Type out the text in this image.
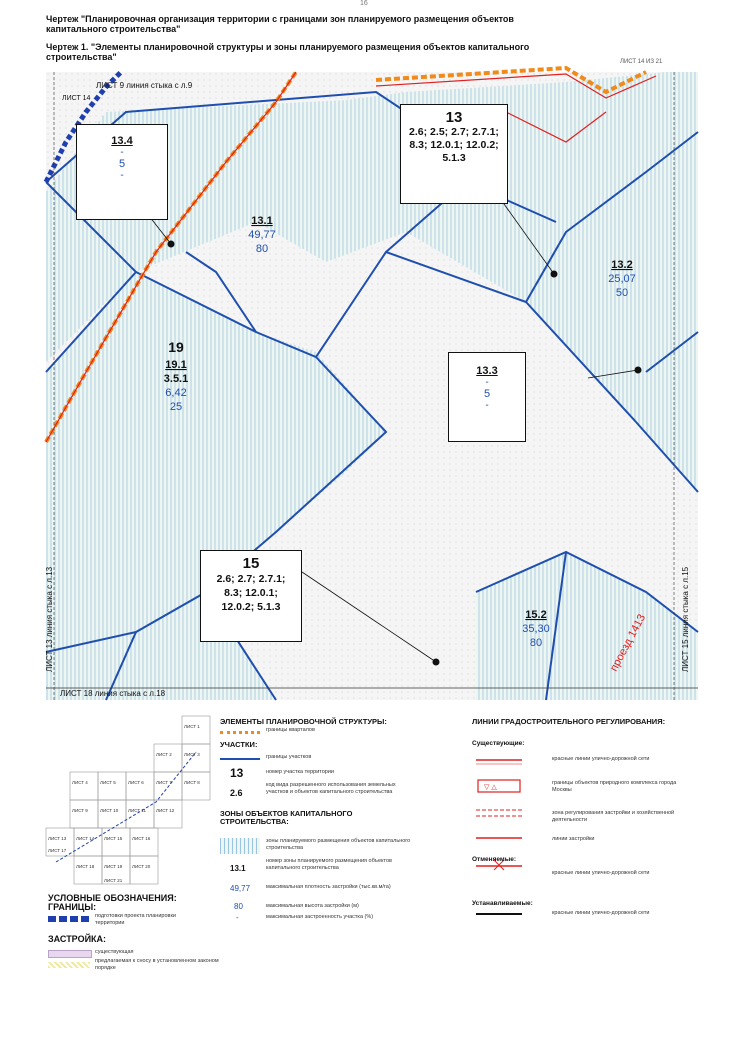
16
Чертеж "Планировочная организация территории с границами зон планируемого размещения объектов капитального строительства"
Чертеж 1. "Элементы планировочной структуры и зоны планируемого размещения объектов капитального строительства"	ЛИСТ 14 ИЗ 21
ЛИСТ 9 линия стыка с л.9
ЛИСТ 14
ЛИСТ 18 линия стыка с л.18
ЛИСТ 13 линия стыка с л.13	ЛИСТ 15 линия стыка с л.15
проезд 1413
13.1
49,77
80
13.2
25,07
50
19
19.1
3.5.1
6,42
25
15.2
35,30
80
13.4
-
5
-
13
2.6; 2.5; 2.7; 2.7.1; 8.3; 12.0.1; 12.0.2; 5.1.3
13.3
-
5
-
15
2.6; 2.7; 2.7.1; 8.3; 12.0.1; 12.0.2; 5.1.3
ЛИСТ 1
ЛИСТ 2	ЛИСТ 3
ЛИСТ 4	ЛИСТ 5	ЛИСТ 6	ЛИСТ 7	ЛИСТ 8
ЛИСТ 9	ЛИСТ 10 ЛИСТ 11 ЛИСТ 12
ЛИСТ 13 ЛИСТ 14 ЛИСТ 15 ЛИСТ 16
ЛИСТ 17
ЛИСТ 18 ЛИСТ 19 ЛИСТ 20
ЛИСТ 21
УСЛОВНЫЕ ОБОЗНАЧЕНИЯ:
ГРАНИЦЫ:
подготовки проекта планировки территории
ЗАСТРОЙКА:
существующая
предлагаемая к сносу в установленном законом порядке
ЭЛЕМЕНТЫ ПЛАНИРОВОЧНОЙ СТРУКТУРЫ:
границы кварталов
УЧАСТКИ:
границы участков
13	номер участка территории
2.6
код вида разрешенного использования земельных участков и объектов капитального строительства
ЗОНЫ ОБЪЕКТОВ КАПИТАЛЬНОГО СТРОИТЕЛЬСТВА:
зоны планируемого размещения объектов капитального строительства
13.1
номер зоны планируемого размещения объектов капитального строительства
49,77	максимальная плотность застройки (тыс.кв.м/га)
80	максимальная высота застройки (м)
-	максимальная застроенность участка (%)
ЛИНИИ ГРАДОСТРОИТЕЛЬНОГО РЕГУЛИРОВАНИЯ:
Существующие:
▽ △
красные линии улично-дорожной сети
границы объектов природного комплекса города Москвы
зона регулирования застройки и хозяйственной деятельности
линии застройки
Отменяемые:
красные линии улично-дорожной сети
Устанавливаемые:
красные линии улично-дорожной сети
